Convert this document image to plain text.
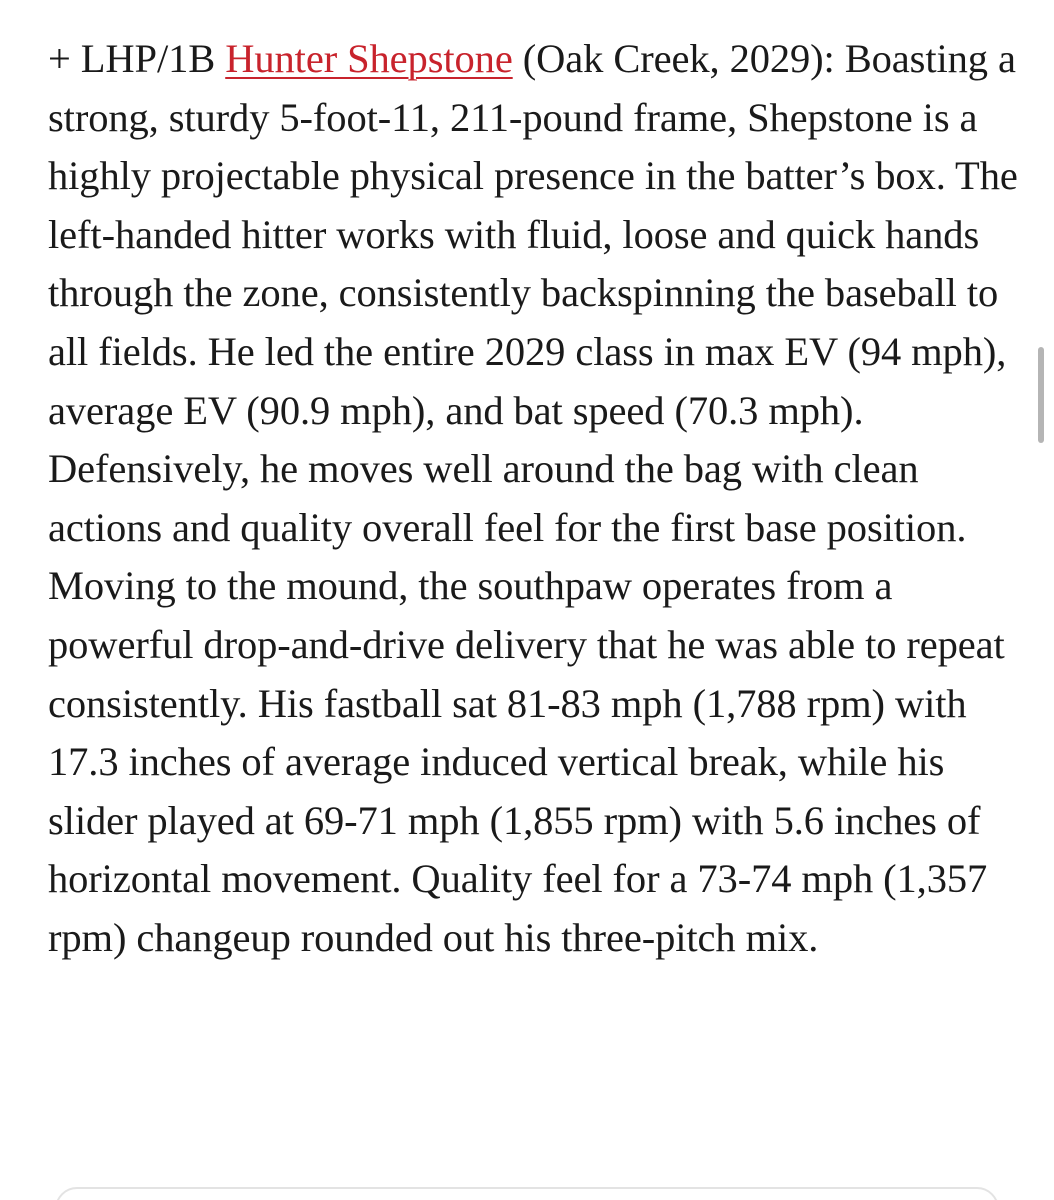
+ LHP/1B Hunter Shepstone (Oak Creek, 2029): Boasting a strong, sturdy 5-foot-11, 211-pound frame, Shepstone is a highly projectable physical presence in the batter’s box. The left-handed hitter works with fluid, loose and quick hands through the zone, consistently backspinning the baseball to all fields. He led the entire 2029 class in max EV (94 mph), average EV (90.9 mph), and bat speed (70.3 mph). Defensively, he moves well around the bag with clean actions and quality overall feel for the first base position. Moving to the mound, the southpaw operates from a powerful drop-and-drive delivery that he was able to repeat consistently. His fastball sat 81-83 mph (1,788 rpm) with 17.3 inches of average induced vertical break, while his slider played at 69-71 mph (1,855 rpm) with 5.6 inches of horizontal movement. Quality feel for a 73-74 mph (1,357 rpm) changeup rounded out his three-pitch mix.
